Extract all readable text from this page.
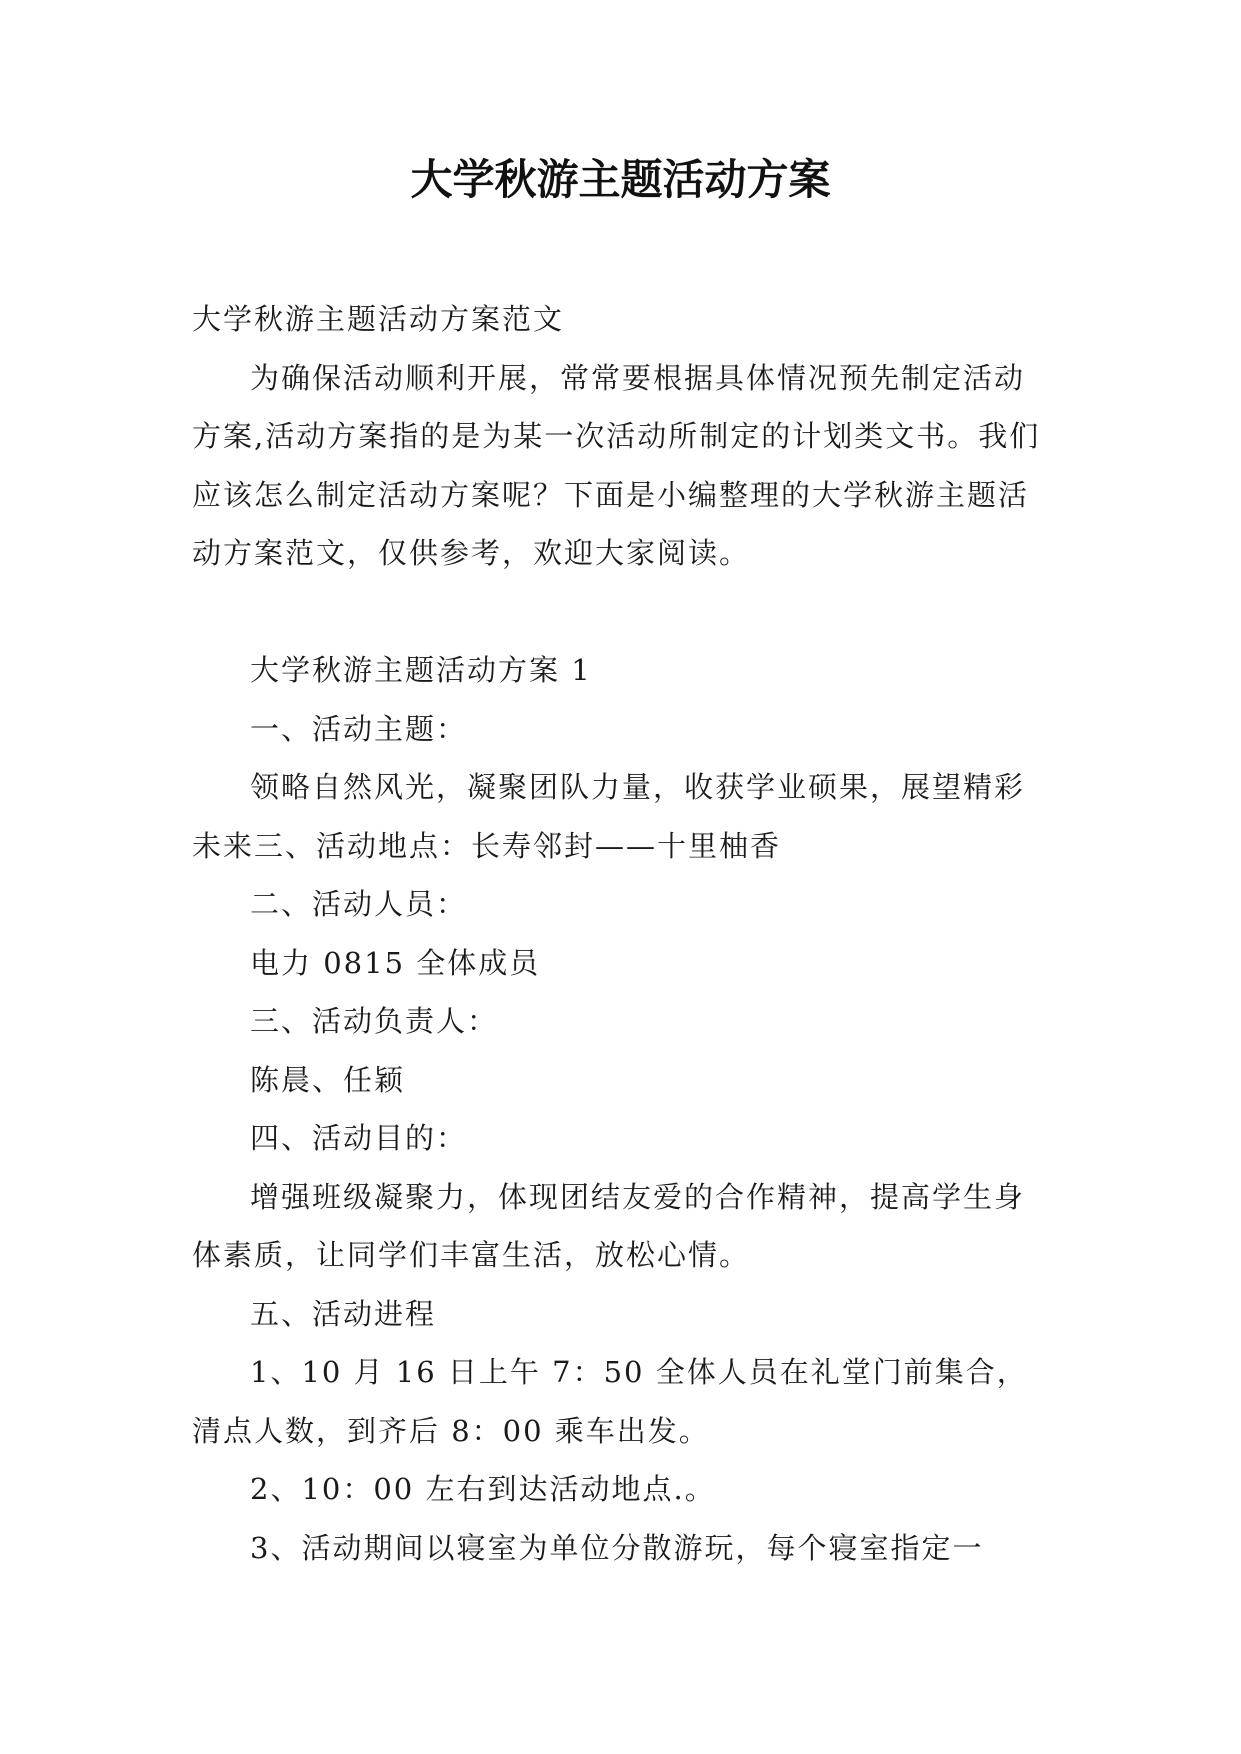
大学秋游主题活动方案

大学秋游主题活动方案范文

为确保活动顺利开展，常常要根据具体情况预先制定活动方案,活动方案指的是为某一次活动所制定的计划类文书。我们应该怎么制定活动方案呢？下面是小编整理的大学秋游主题活动方案范文，仅供参考，欢迎大家阅读。

大学秋游主题活动方案 1

一、活动主题：

领略自然风光，凝聚团队力量，收获学业硕果，展望精彩未来三、活动地点：长寿邻封——十里柚香

二、活动人员：

电力 0815 全体成员

三、活动负责人：

陈晨、任颖

四、活动目的：

增强班级凝聚力，体现团结友爱的合作精神，提高学生身体素质，让同学们丰富生活，放松心情。

五、活动进程

1、10 月 16 日上午 7：50 全体人员在礼堂门前集合，清点人数，到齐后 8：00 乘车出发。

2、10：00 左右到达活动地点.。

3、活动期间以寝室为单位分散游玩，每个寝室指定一
